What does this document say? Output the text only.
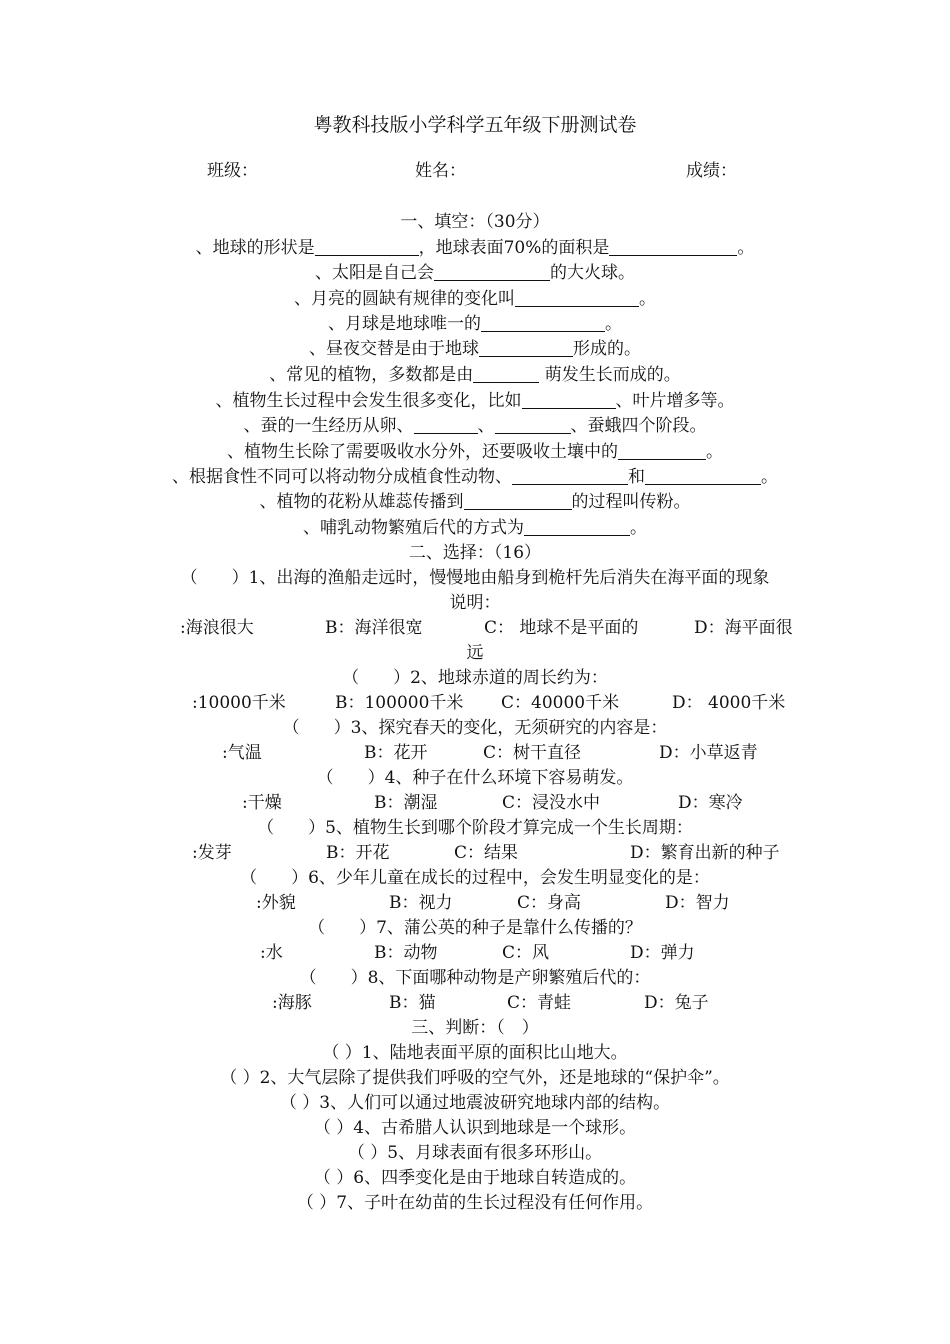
粤教科技版小学科学五年级下册测试卷
班级：	姓名：	成绩：
一、填空：（30分）
、地球的形状是	，地球表面70%的面积是	。
、太阳是自己会	的大火球。
、月亮的圆缺有规律的变化叫	。
、月球是地球唯一的	。
、昼夜交替是由于地球	形成的。
、常见的植物，多数都是由	萌发生长而成的。
、植物生长过程中会发生很多变化，比如	、叶片增多等。
、蚕的一生经历从卵、	、	、蚕蛾四个阶段。
、植物生长除了需要吸收水分外，还要吸收土壤中的	。
、根据食性不同可以将动物分成植食性动物、	和	。
、植物的花粉从雄蕊传播到	的过程叫传粉。
、哺乳动物繁殖后代的方式为	。
二、选择：（16）
（　　）1、出海的渔船走远时，慢慢地由船身到桅杆先后消失在海平面的现象
说明：
:海浪很大	B：海洋很宽	C： 地球不是平面的	D：海平面很
远
（　　）2、地球赤道的周长约为：
:10000千米	B：100000千米 C：40000千米	D： 4000千米
（　　）3、探究春天的变化，无须研究的内容是：
:气温	B：花开	C：树干直径	D：小草返青
（　　）4、种子在什么环境下容易萌发。
:干燥	B：潮湿	C：浸没水中	D：寒冷
（　　）5、植物生长到哪个阶段才算完成一个生长周期：
:发芽	B：开花	C：结果	D：繁育出新的种子
（　　）6、少年儿童在成长的过程中，会发生明显变化的是：
:外貌	B：视力	C：身高	D：智力
（　　）7、蒲公英的种子是靠什么传播的？
:水	B：动物	C：风	D：弹力
（　　）8、下面哪种动物是产卵繁殖后代的：
:海豚	B：猫	C：青蛙	D：兔子
三、判断：（　）
（ ）1、陆地表面平原的面积比山地大。
（ ）2、大气层除了提供我们呼吸的空气外，还是地球的“保护伞”。
（ ）3、人们可以通过地震波研究地球内部的结构。
（ ）4、古希腊人认识到地球是一个球形。
（ ）5、月球表面有很多环形山。
（ ）6、四季变化是由于地球自转造成的。
（ ）7、子叶在幼苗的生长过程没有任何作用。
